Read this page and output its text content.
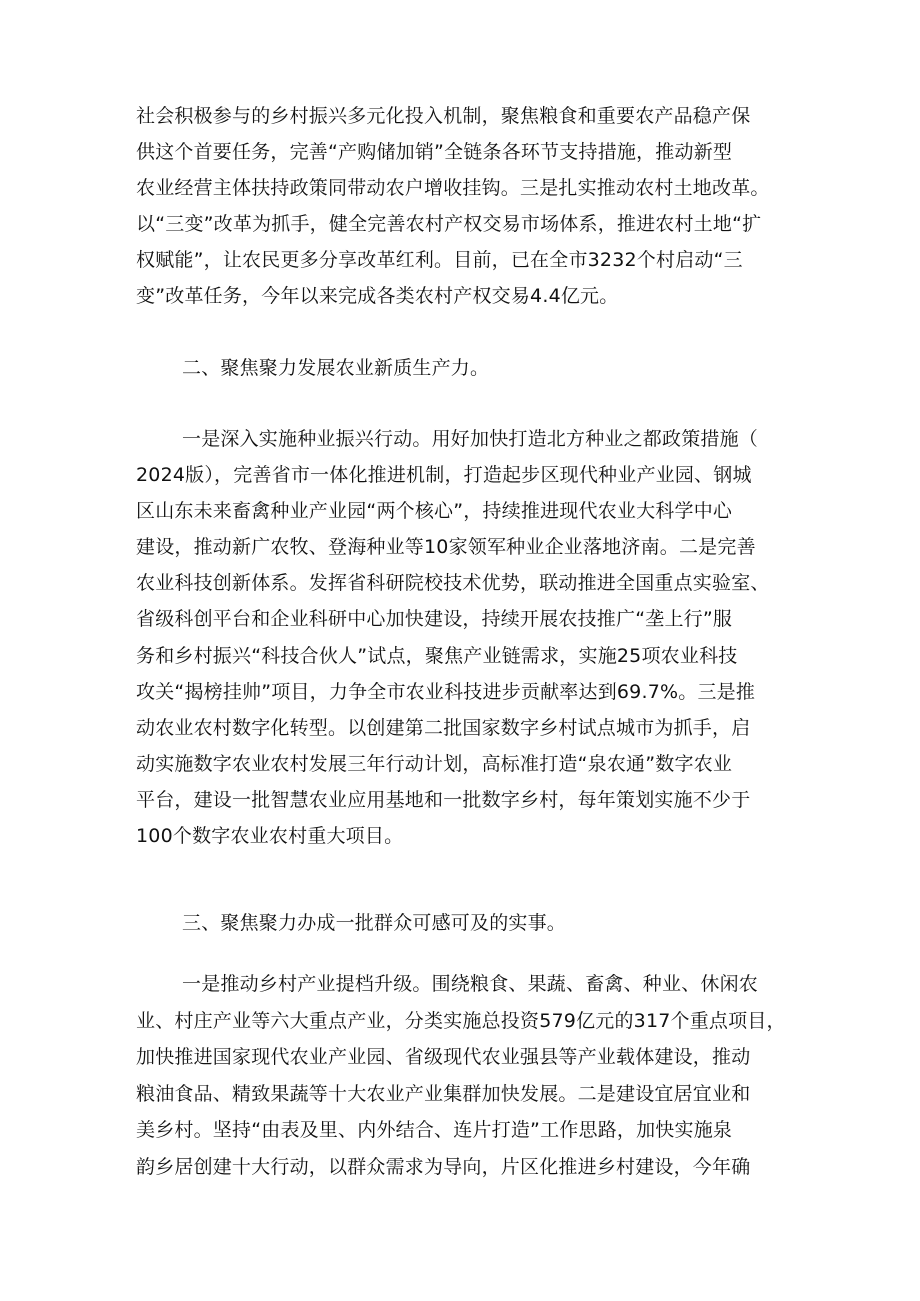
社会积极参与的乡村振兴多元化投入机制，聚焦粮食和重要农产品稳产保
供这个首要任务，完善“产购储加销”全链条各环节支持措施，推动新型
农业经营主体扶持政策同带动农户增收挂钩。三是扎实推动农村土地改革。
以“三变”改革为抓手，健全完善农村产权交易市场体系，推进农村土地“扩
权赋能”，让农民更多分享改革红利。目前，已在全市3232个村启动“三
变”改革任务，今年以来完成各类农村产权交易4.4亿元。
二、聚焦聚力发展农业新质生产力。
一是深入实施种业振兴行动。用好加快打造北方种业之都政策措施（
2024版），完善省市一体化推进机制，打造起步区现代种业产业园、钢城
区山东未来畜禽种业产业园“两个核心”，持续推进现代农业大科学中心
建设，推动新广农牧、登海种业等10家领军种业企业落地济南。二是完善
农业科技创新体系。发挥省科研院校技术优势，联动推进全国重点实验室、
省级科创平台和企业科研中心加快建设，持续开展农技推广“垄上行”服
务和乡村振兴“科技合伙人”试点，聚焦产业链需求，实施25项农业科技
攻关“揭榜挂帅”项目，力争全市农业科技进步贡献率达到69.7%。三是推
动农业农村数字化转型。以创建第二批国家数字乡村试点城市为抓手，启
动实施数字农业农村发展三年行动计划，高标准打造“泉农通”数字农业
平台，建设一批智慧农业应用基地和一批数字乡村，每年策划实施不少于
100个数字农业农村重大项目。
三、聚焦聚力办成一批群众可感可及的实事。
一是推动乡村产业提档升级。围绕粮食、果蔬、畜禽、种业、休闲农
业、村庄产业等六大重点产业，分类实施总投资579亿元的317个重点项目，
加快推进国家现代农业产业园、省级现代农业强县等产业载体建设，推动
粮油食品、精致果蔬等十大农业产业集群加快发展。二是建设宜居宜业和
美乡村。坚持“由表及里、内外结合、连片打造”工作思路，加快实施泉
韵乡居创建十大行动，以群众需求为导向，片区化推进乡村建设，今年确
